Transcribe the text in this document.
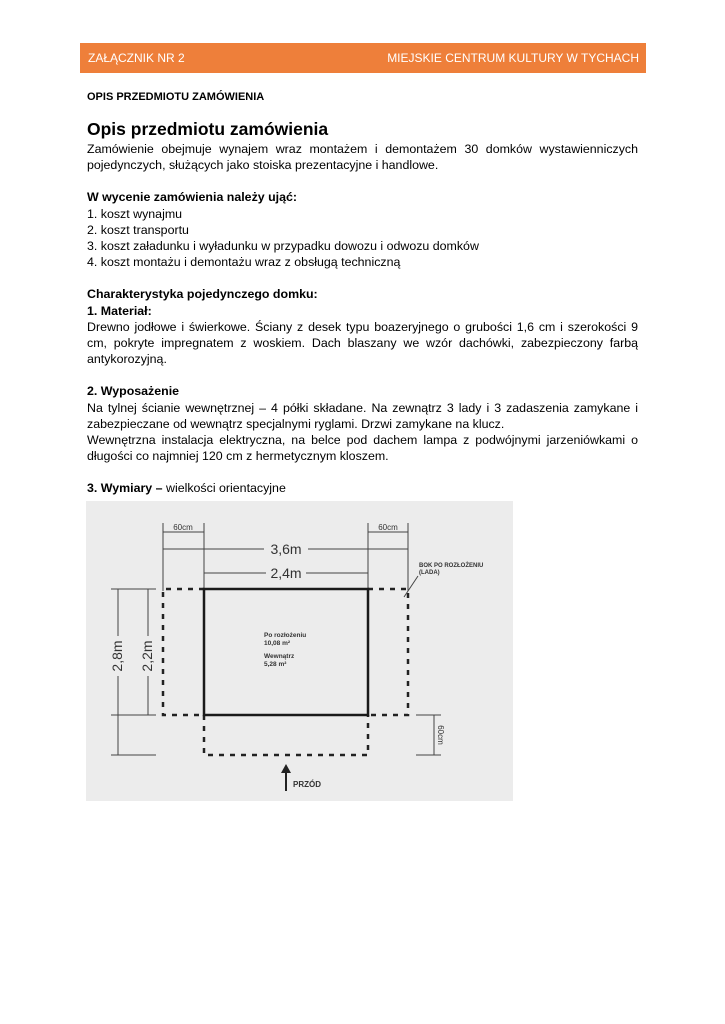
ZAŁĄCZNIK NR 2	MIEJSKIE CENTRUM KULTURY W TYCHACH
OPIS PRZEDMIOTU ZAMÓWIENIA
Opis przedmiotu zamówienia

Zamówienie obejmuje wynajem wraz montażem i demontażem 30 domków wystawienniczych pojedynczych, służących jako stoiska prezentacyjne i handlowe.

W wycenie zamówienia należy ująć:

1. koszt wynajmu
2. koszt transportu
3. koszt załadunku i wyładunku w przypadku dowozu i odwozu domków
4. koszt montażu i demontażu wraz z obsługą techniczną

Charakterystyka pojedynczego domku:

1. Materiał:

Drewno jodłowe i świerkowe. Ściany z desek typu boazeryjnego o grubości 1,6 cm i szerokości 9 cm, pokryte impregnatem z woskiem. Dach blaszany we wzór dachówki, zabezpieczony farbą antykorozyjną.

2. Wyposażenie

Na tylnej ścianie wewnętrznej – 4 półki składane. Na zewnątrz 3 lady i 3 zadaszenia zamykane i zabezpieczane od wewnątrz specjalnymi ryglami. Drzwi zamykane na klucz.

Wewnętrzna instalacja elektryczna, na belce pod dachem lampa z podwójnymi jarzeniówkami o długości co najmniej 120 cm z hermetycznym kloszem.

3. Wymiary – wielkości orientacyjne

60cm	60cm
3,6m
2,4m
2,8m 2,2m
60cm
BOK PO ROZŁOŻENIU
(LADA)
Po rozłożeniu
10,08 m²
Wewnątrz
5,28 m²
PRZÓD
